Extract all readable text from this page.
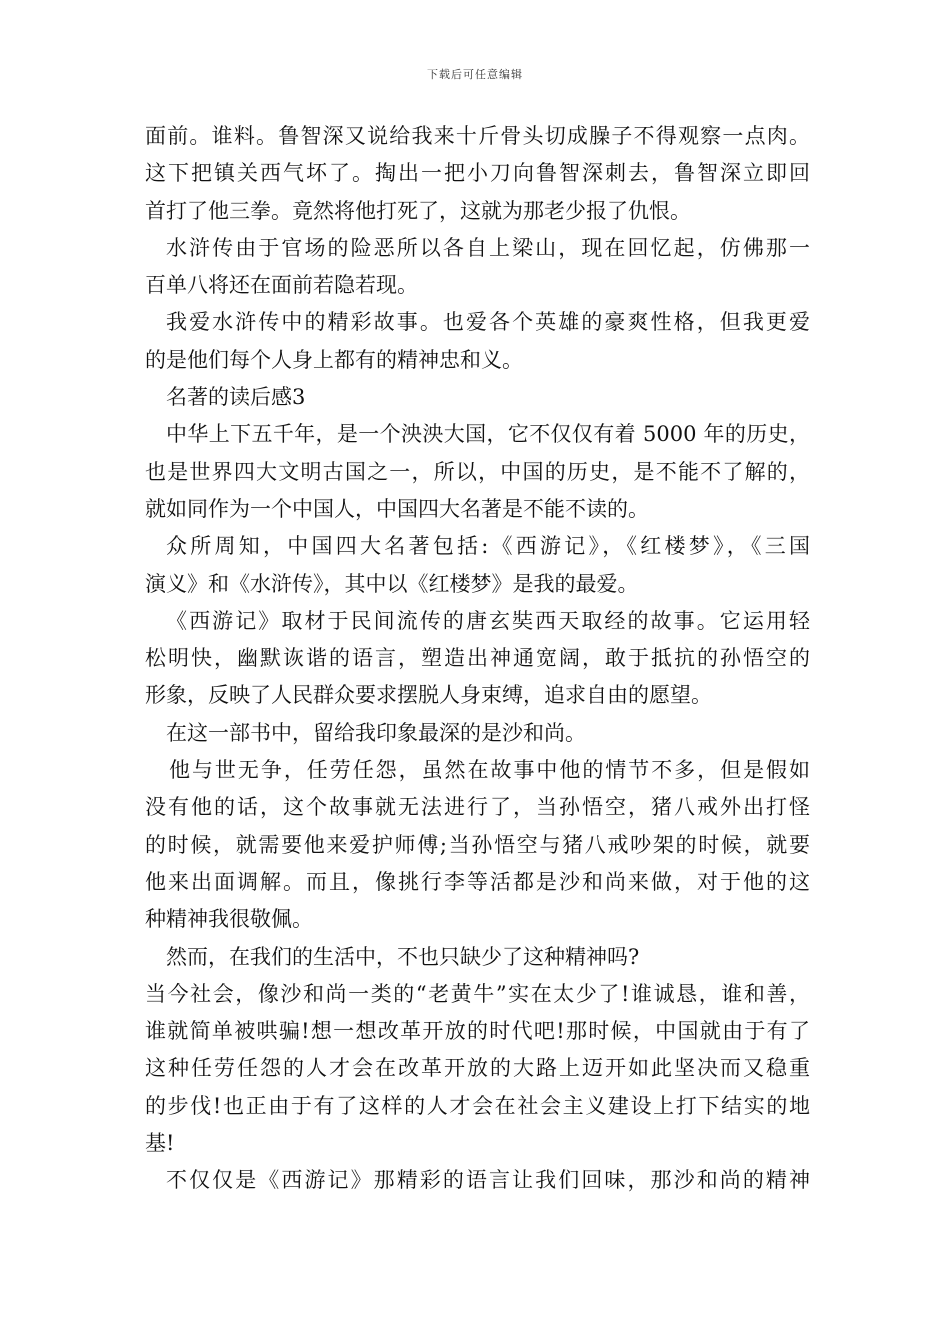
下载后可任意编辑
面前。谁料。鲁智深又说给我来十斤骨头切成臊子不得观察一点肉。
这下把镇关西气坏了。掏出一把小刀向鲁智深刺去，鲁智深立即回
首打了他三拳。竟然将他打死了，这就为那老少报了仇恨。
水浒传由于官场的险恶所以各自上梁山，现在回忆起，仿佛那一
百单八将还在面前若隐若现。
我爱水浒传中的精彩故事。也爱各个英雄的豪爽性格，但我更爱
的是他们每个人身上都有的精神忠和义。
名著的读后感3
中华上下五千年，是一个泱泱大国，它不仅仅有着 5000 年的历史，
也是世界四大文明古国之一，所以，中国的历史，是不能不了解的，
就如同作为一个中国人，中国四大名著是不能不读的。
众所周知，中国四大名著包括:《西游记》，《红楼梦》，《三国
演义》和《水浒传》，其中以《红楼梦》是我的最爱。
《西游记》取材于民间流传的唐玄奘西天取经的故事。它运用轻
松明快，幽默诙谐的语言，塑造出神通宽阔，敢于抵抗的孙悟空的
形象，反映了人民群众要求摆脱人身束缚，追求自由的愿望。
在这一部书中，留给我印象最深的是沙和尚。
他与世无争，任劳任怨，虽然在故事中他的情节不多，但是假如
没有他的话，这个故事就无法进行了，当孙悟空，猪八戒外出打怪
的时候，就需要他来爱护师傅;当孙悟空与猪八戒吵架的时候，就要
他来出面调解。而且，像挑行李等活都是沙和尚来做，对于他的这
种精神我很敬佩。
然而，在我们的生活中，不也只缺少了这种精神吗?
当今社会，像沙和尚一类的“老黄牛”实在太少了!谁诚恳，谁和善，
谁就简单被哄骗!想一想改革开放的时代吧!那时候，中国就由于有了
这种任劳任怨的人才会在改革开放的大路上迈开如此坚决而又稳重
的步伐!也正由于有了这样的人才会在社会主义建设上打下结实的地
基!
不仅仅是《西游记》那精彩的语言让我们回味，那沙和尚的精神
